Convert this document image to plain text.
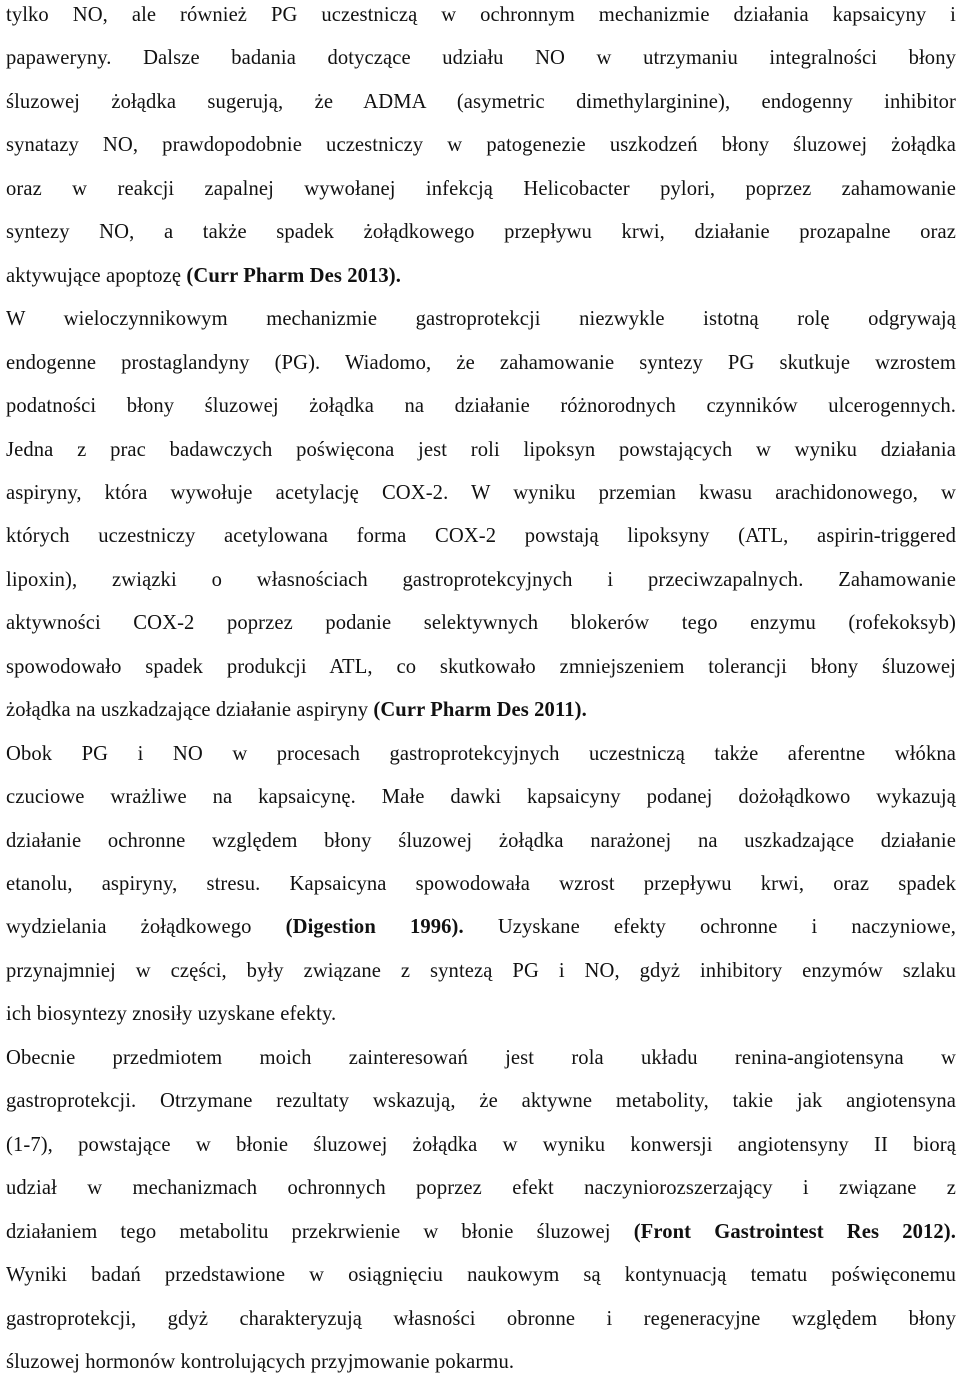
tylko NO, ale również PG uczestniczą w ochronnym mechanizmie działania kapsaicyny i
papaweryny. Dalsze badania dotyczące udziału NO w utrzymaniu integralności błony
śluzowej żołądka sugerują, że ADMA (asymetric dimethylarginine), endogenny inhibitor
synatazy NO, prawdopodobnie uczestniczy w patogenezie uszkodzeń błony śluzowej żołądka
oraz w reakcji zapalnej wywołanej infekcją Helicobacter pylori, poprzez zahamowanie
syntezy NO, a także spadek żołądkowego przepływu krwi, działanie prozapalne oraz
aktywujące apoptozę (Curr Pharm Des 2013).
W wieloczynnikowym mechanizmie gastroprotekcji niezwykle istotną rolę odgrywają
endogenne prostaglandyny (PG). Wiadomo, że zahamowanie syntezy PG skutkuje wzrostem
podatności błony śluzowej żołądka na działanie różnorodnych czynników ulcerogennych.
Jedna z prac badawczych poświęcona jest roli lipoksyn powstających w wyniku działania
aspiryny, która wywołuje acetylację COX-2. W wyniku przemian kwasu arachidonowego, w
których uczestniczy acetylowana forma COX-2 powstają lipoksyny (ATL, aspirin-triggered
lipoxin), związki o własnościach gastroprotekcyjnych i przeciwzapalnych. Zahamowanie
aktywności COX-2 poprzez podanie selektywnych blokerów tego enzymu (rofekoksyb)
spowodowało spadek produkcji ATL, co skutkowało zmniejszeniem tolerancji błony śluzowej
żołądka na uszkadzające działanie aspiryny (Curr Pharm Des 2011).
Obok PG i NO w procesach gastroprotekcyjnych uczestniczą także aferentne włókna
czuciowe wrażliwe na kapsaicynę. Małe dawki kapsaicyny podanej dożołądkowo wykazują
działanie ochronne względem błony śluzowej żołądka narażonej na uszkadzające działanie
etanolu, aspiryny, stresu. Kapsaicyna spowodowała wzrost przepływu krwi, oraz spadek
wydzielania żołądkowego (Digestion 1996). Uzyskane efekty ochronne i naczyniowe,
przynajmniej w części, były związane z syntezą PG i NO, gdyż inhibitory enzymów szlaku
ich biosyntezy znosiły uzyskane efekty.
Obecnie przedmiotem moich zainteresowań jest rola układu renina-angiotensyna w
gastroprotekcji. Otrzymane rezultaty wskazują, że aktywne metabolity, takie jak angiotensyna
(1-7), powstające w błonie śluzowej żołądka w wyniku konwersji angiotensyny II biorą
udział w mechanizmach ochronnych poprzez efekt naczyniorozszerzający i związane z
działaniem tego metabolitu przekrwienie w błonie śluzowej (Front Gastrointest Res 2012).
Wyniki badań przedstawione w osiągnięciu naukowym są kontynuacją tematu poświęconemu
gastroprotekcji, gdyż charakteryzują własności obronne i regeneracyjne względem błony
śluzowej hormonów kontrolujących przyjmowanie pokarmu.
